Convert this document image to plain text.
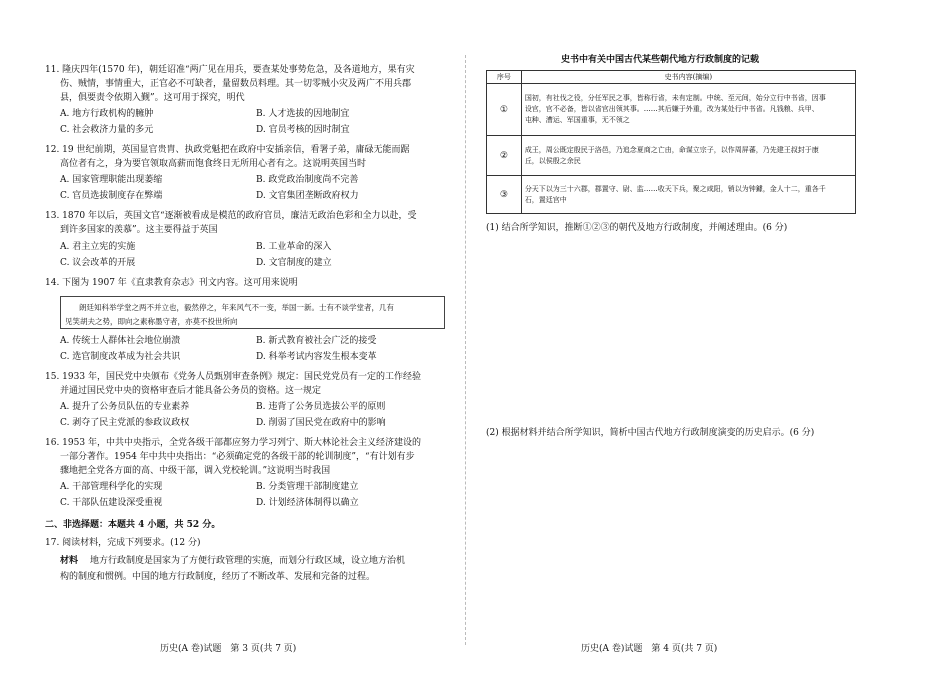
11. 隆庆四年(1570 年)，朝廷诏准“两广见在用兵，要查某处事势危急，及各道地方，果有灾
伤、贼情，事情重大，正官必不可缺者，量留数员料理。其一切零贼小灾及两广不用兵郡
县，俱要责令依期入觐”。这可用于探究，明代
A. 地方行政机构的臃肿	B. 人才选拔的因地制宜
C. 社会救济力量的多元	D. 官员考核的因时制宜
12. 19 世纪前期，英国显官贵胄、执政党魁把在政府中安插亲信，看署子弟，庸碌无能而踞
高位者有之，身为要官领取高薪而饱食终日无所用心者有之。这说明英国当时
A. 国家管理职能出现萎缩	B. 政党政治制度尚不完善
C. 官员选拔制度存在弊端	D. 文官集团垄断政府权力
13. 1870 年以后，英国文官“逐渐被看成是模范的政府官员，廉洁无政治色彩和全力以赴，受
到许多国家的羡慕”。这主要得益于英国
A. 君主立宪的实施	B. 工业革命的深入
C. 议会改革的开展	D. 文官制度的建立
14. 下图为 1907 年《直隶教育杂志》刊文内容。这可用来说明
朗廷知科举学堂之两不并立也，毅然停之，年来风气不一变，举国一新。士有不谈学堂者，几有
见笑胡夫之势，即向之素称墨守者，亦莫不投世所向
A. 传统士人群体社会地位崩溃	B. 新式教育被社会广泛的接受
C. 选官制度改革成为社会共识	D. 科举考试内容发生根本变革
15. 1933 年，国民党中央颁布《党务人员甄别审查条例》规定：国民党党员有一定的工作经验
并通过国民党中央的资格审查后才能具备公务员的资格。这一规定
A. 提升了公务员队伍的专业素养	B. 违背了公务员选拔公平的原则
C. 剥夺了民主党派的参政议政权	D. 削弱了国民党在政府中的影响
16. 1953 年，中共中央指示，全党各级干部都应努力学习列宁、斯大林论社会主义经济建设的
一部分著作。1954 年中共中央指出：“必须确定党的各级干部的轮训制度”，“有计划有步
骤地把全党各方面的高、中级干部，调入党校轮训。”这说明当时我国
A. 干部管理科学化的实现	B. 分类管理干部制度建立
C. 干部队伍建设深受重视	D. 计划经济体制得以确立
二、非选择题：本题共 4 小题，共 52 分。
17. 阅读材料，完成下列要求。(12 分)
材料 地方行政制度是国家为了方便行政管理的实施，而划分行政区域，设立地方治机
构的制度和惯例。中国的地方行政制度，经历了不断改革、发展和完备的过程。
历史(A 卷)试题　第 3 页(共 7 页)
史书中有关中国古代某些朝代地方行政制度的记载
序号	史书内容(摘编)
①	国初，有社伐之役，分任军民之事，皆称行省，未有定制。中统、至元间，始分立行中书省，因事
设官，官不必备，皆以省官出领其事。……其后嫌于外重，改为某处行中书省。凡钱粮、兵甲、
屯种、漕运、军国重事，无不领之

②	成王，周公既定殷民于洛邑，乃追念夏商之亡由，命谋立宗子，以作周屏蕃，乃先建王叔封于康
丘，以侯殷之余民

③	分天下以为三十六郡，郡置守、尉、监……收天下兵，聚之咸阳，销以为钟鐻，金人十二，重各千
石，置廷宫中
(1) 结合所学知识，推断①②③的朝代及地方行政制度，并阐述理由。(6 分)
(2) 根据材料并结合所学知识，简析中国古代地方行政制度演变的历史启示。(6 分)
历史(A 卷)试题　第 4 页(共 7 页)
